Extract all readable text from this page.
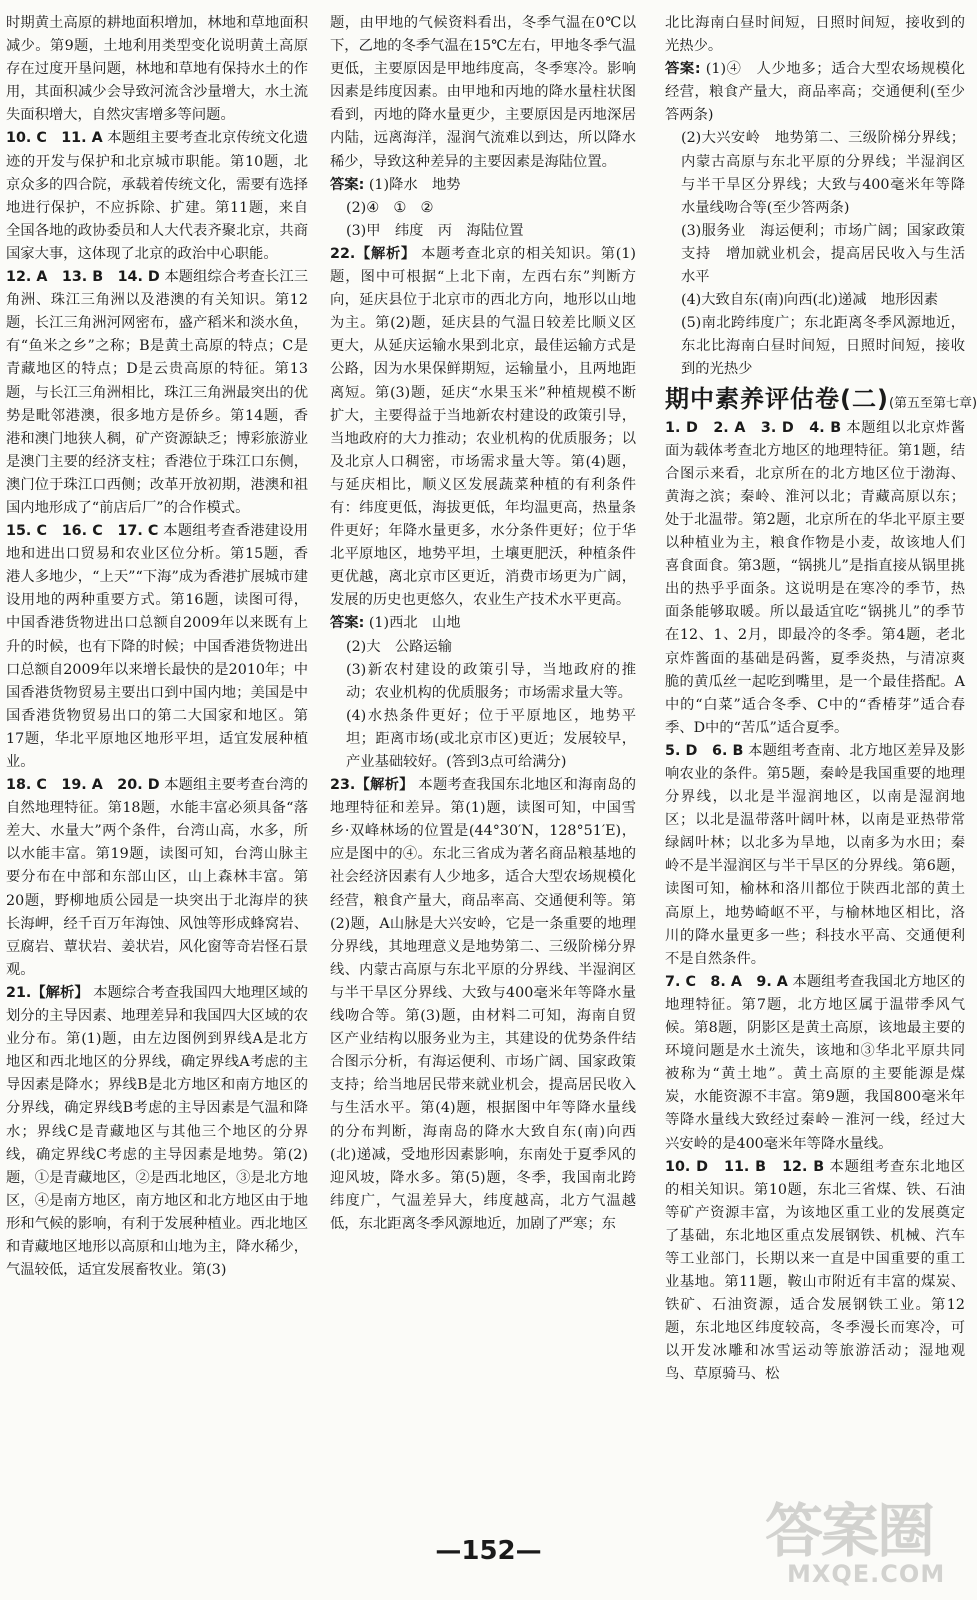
时期黄土高原的耕地面积增加，林地和草地面积减少。第9题，土地利用类型变化说明黄土高原存在过度开垦问题，林地和草地有保持水土的作用，其面积减少会导致河流含沙量增大，水土流失面积增大，自然灾害增多等问题。
10. C　11. A 本题组主要考查北京传统文化遗迹的开发与保护和北京城市职能。第10题，北京众多的四合院，承载着传统文化，需要有选择地进行保护，不应拆除、扩建。第11题，来自全国各地的政协委员和人大代表齐聚北京，共商国家大事，这体现了北京的政治中心职能。
12. A　13. B　14. D 本题组综合考查长江三角洲、珠江三角洲以及港澳的有关知识。第12题，长江三角洲河网密布，盛产稻米和淡水鱼，有“鱼米之乡”之称；B是黄土高原的特点；C是青藏地区的特点；D是云贵高原的特征。第13题，与长江三角洲相比，珠江三角洲最突出的优势是毗邻港澳，很多地方是侨乡。第14题，香港和澳门地狭人稠，矿产资源缺乏；博彩旅游业是澳门主要的经济支柱；香港位于珠江口东侧，澳门位于珠江口西侧；改革开放初期，港澳和祖国内地形成了“前店后厂”的合作模式。
15. C　16. C　17. C 本题组考查香港建设用地和进出口贸易和农业区位分析。第15题，香港人多地少，“上天”“下海”成为香港扩展城市建设用地的两种重要方式。第16题，读图可得，中国香港货物进出口总额自2009年以来既有上升的时候，也有下降的时候；中国香港货物进出口总额自2009年以来增长最快的是2010年；中国香港货物贸易主要出口到中国内地；美国是中国香港货物贸易出口的第二大国家和地区。第17题，华北平原地区地形平坦，适宜发展种植业。
18. C　19. A　20. D 本题组主要考查台湾的自然地理特征。第18题，水能丰富必须具备“落差大、水量大”两个条件，台湾山高，水多，所以水能丰富。第19题，读图可知，台湾山脉主要分布在中部和东部山区，山上森林丰富。第20题，野柳地质公园是一块突出于北海岸的狭长海岬，经千百万年海蚀、风蚀等形成蜂窝岩、豆腐岩、蕈状岩、姜状岩，风化窗等奇岩怪石景观。
21.【解析】 本题综合考查我国四大地理区域的划分的主导因素、地理差异和我国四大区域的农业分布。第(1)题，由左边图例到界线A是北方地区和西北地区的分界线，确定界线A考虑的主导因素是降水；界线B是北方地区和南方地区的分界线，确定界线B考虑的主导因素是气温和降水；界线C是青藏地区与其他三个地区的分界线，确定界线C考虑的主导因素是地势。第(2)题，①是青藏地区，②是西北地区，③是北方地区，④是南方地区，南方地区和北方地区由于地形和气候的影响，有利于发展种植业。西北地区和青藏地区地形以高原和山地为主，降水稀少，气温较低，适宜发展畜牧业。第(3)
题，由甲地的气候资料看出，冬季气温在0℃以下，乙地的冬季气温在15℃左右，甲地冬季气温更低，主要原因是甲地纬度高，冬季寒冷。影响因素是纬度因素。由甲地和丙地的降水量柱状图看到，丙地的降水量更少，主要原因是丙地深居内陆，远离海洋，湿润气流难以到达，所以降水稀少，导致这种差异的主要因素是海陆位置。
答案: (1)降水　地势
(2)④　①　②
(3)甲　纬度　丙　海陆位置
22.【解析】 本题考查北京的相关知识。第(1)题，图中可根据“上北下南，左西右东”判断方向，延庆县位于北京市的西北方向，地形以山地为主。第(2)题，延庆县的气温日较差比顺义区更大，从延庆运输水果到北京，最佳运输方式是公路，因为水果保鲜期短，运输量小，且两地距离短。第(3)题，延庆“水果玉米”种植规模不断扩大，主要得益于当地新农村建设的政策引导，当地政府的大力推动；农业机构的优质服务；以及北京人口稠密，市场需求量大等。第(4)题，与延庆相比，顺义区发展蔬菜种植的有利条件有：纬度更低，海拔更低，年均温更高，热量条件更好；年降水量更多，水分条件更好；位于华北平原地区，地势平坦，土壤更肥沃，种植条件更优越，离北京市区更近，消费市场更为广阔，发展的历史也更悠久，农业生产技术水平更高。
答案: (1)西北　山地
(2)大　公路运输
(3)新农村建设的政策引导，当地政府的推动；农业机构的优质服务；市场需求量大等。
(4)水热条件更好；位于平原地区，地势平坦；距离市场(或北京市区)更近；发展较早，产业基础较好。(答到3点可给满分)
23.【解析】 本题考查我国东北地区和海南岛的地理特征和差异。第(1)题，读图可知，中国雪乡·双峰林场的位置是(44°30′N，128°51′E)，应是图中的④。东北三省成为著名商品粮基地的社会经济因素有人少地多，适合大型农场规模化经营，粮食产量大，商品率高、交通便利等。第(2)题，A山脉是大兴安岭，它是一条重要的地理分界线，其地理意义是地势第二、三级阶梯分界线、内蒙古高原与东北平原的分界线、半湿润区与半干旱区分界线、大致与400毫米年等降水量线吻合等。第(3)题，由材料二可知，海南自贸区产业结构以服务业为主，其建设的优势条件结合图示分析，有海运便利、市场广阔、国家政策支持；给当地居民带来就业机会，提高居民收入与生活水平。第(4)题，根据图中年等降水量线的分布判断，海南岛的降水大致自东(南)向西(北)递减，受地形因素影响，东南处于夏季风的迎风坡，降水多。第(5)题，冬季，我国南北跨纬度广，气温差异大，纬度越高，北方气温越低，东北距离冬季风源地近，加剧了严寒；东
北比海南白昼时间短，日照时间短，接收到的光热少。
答案: (1)④　人少地多；适合大型农场规模化经营，粮食产量大，商品率高；交通便利(至少答两条)
(2)大兴安岭　地势第二、三级阶梯分界线；内蒙古高原与东北平原的分界线；半湿润区与半干旱区分界线；大致与400毫米年等降水量线吻合等(至少答两条)
(3)服务业　海运便利；市场广阔；国家政策支持　增加就业机会，提高居民收入与生活水平
(4)大致自东(南)向西(北)递减　地形因素
(5)南北跨纬度广；东北距离冬季风源地近，东北比海南白昼时间短，日照时间短，接收到的光热少
期中素养评估卷(二)(第五至第七章)
1. D　2. A　3. D　4. B 本题组以北京炸酱面为载体考查北方地区的地理特征。第1题，结合图示来看，北京所在的北方地区位于渤海、黄海之滨；秦岭、淮河以北；青藏高原以东；处于北温带。第2题，北京所在的华北平原主要以种植业为主，粮食作物是小麦，故该地人们喜食面食。第3题，“锅挑儿”是指直接从锅里挑出的热乎乎面条。这说明是在寒冷的季节，热面条能够取暖。所以最适宜吃“锅挑儿”的季节在12、1、2月，即最冷的冬季。第4题，老北京炸酱面的基础是码酱，夏季炎热，与清凉爽脆的黄瓜丝一起吃到嘴里，是一个最佳搭配。A中的“白菜”适合冬季、C中的“香椿芽”适合春季、D中的“苦瓜”适合夏季。
5. D　6. B 本题组考查南、北方地区差异及影响农业的条件。第5题，秦岭是我国重要的地理分界线，以北是半湿润地区，以南是湿润地区；以北是温带落叶阔叶林，以南是亚热带常绿阔叶林；以北多为旱地，以南多为水田；秦岭不是半湿润区与半干旱区的分界线。第6题，读图可知，榆林和洛川都位于陕西北部的黄土高原上，地势崎岖不平，与榆林地区相比，洛川的降水量更多一些；科技水平高、交通便利不是自然条件。
7. C　8. A　9. A 本题组考查我国北方地区的地理特征。第7题，北方地区属于温带季风气候。第8题，阴影区是黄土高原，该地最主要的环境问题是水土流失，该地和③华北平原共同被称为“黄土地”。黄土高原的主要能源是煤炭，水能资源不丰富。第9题，我国800毫米年等降水量线大致经过秦岭－淮河一线，经过大兴安岭的是400毫米年等降水量线。
10. D　11. B　12. B 本题组考查东北地区的相关知识。第10题，东北三省煤、铁、石油等矿产资源丰富，为该地区重工业的发展奠定了基础，东北地区重点发展钢铁、机械、汽车等工业部门，长期以来一直是中国重要的重工业基地。第11题，鞍山市附近有丰富的煤炭、铁矿、石油资源，适合发展钢铁工业。第12题，东北地区纬度较高，冬季漫长而寒冷，可以开发冰雕和冰雪运动等旅游活动；湿地观鸟、草原骑马、松
—152—	答案圈
MXQE.COM
